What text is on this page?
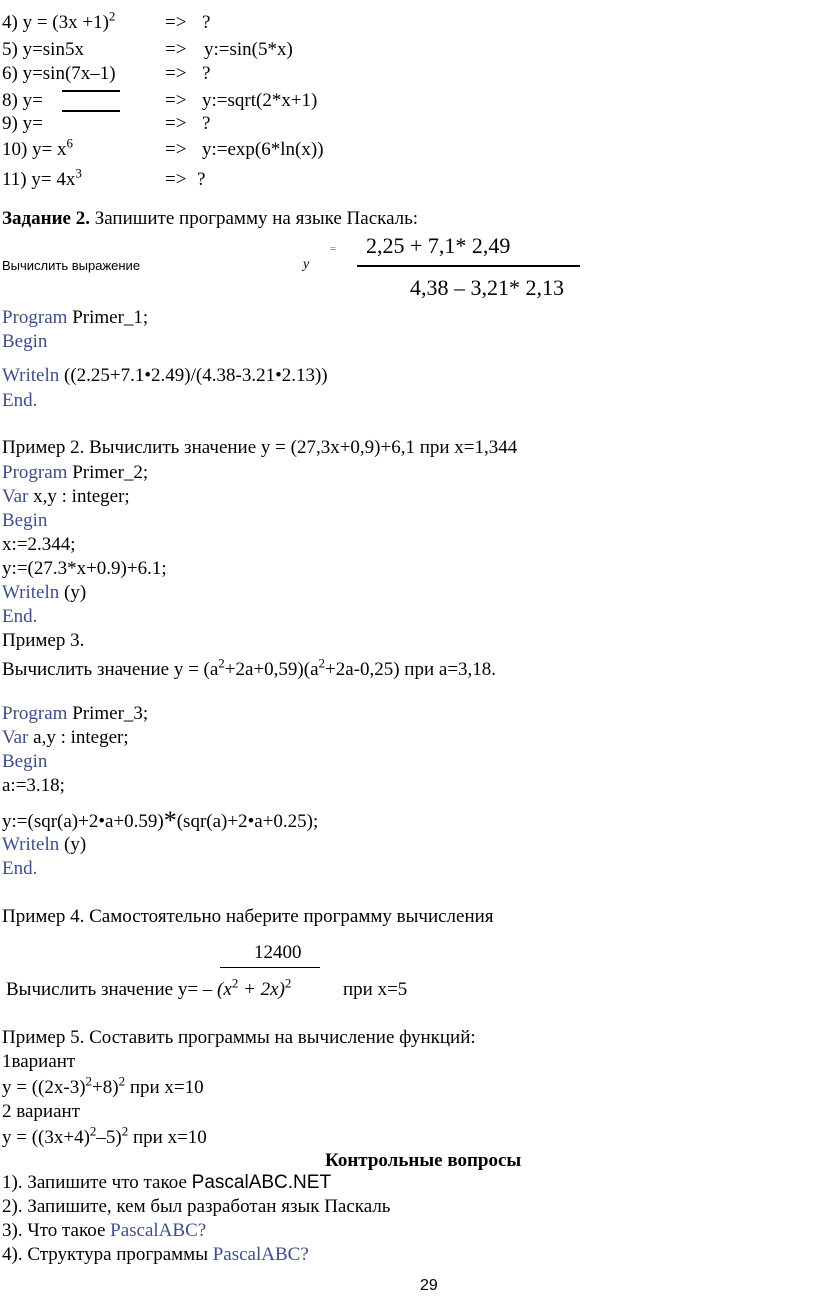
4) $y = (3x +1)^2$	=> ?
5) y=sin5x	=> y:=sin(5*x)
6) y=sin(7x–1)	=> ?
8) y=	=> y:=sqrt(2*x+1)
9) y=	=> ?
10) $y= x^6$	=> y:=exp(6*ln(x))
11) $y= 4x^3$	=> ?
Задание 2. Запишите программу на языке Паскаль:
Вычислить выражение	y
= 2,25 + 7,1* 2,49
4,38 – 3,21* 2,13
Program Primer_1;
Begin
Writeln ((2.25+7.1•2.49)/(4.38-3.21•2.13))
End.
Пример 2. Вычислить значение у = (27,3х+0,9)+6,1 при х=1,344
Program Primer_2;
Var x,y : integer;
Begin
x:=2.344;
y:=(27.3*x+0.9)+6.1;
Writeln (y)
End.
Пример 3.
Вычислить значение $у = (а^2+2а+0,59)(а^2+2а-0,25)$ при а=3,18.
Program Primer_3;
Var a,y : integer;
Begin
a:=3.18;
y:=(sqr(a)+2•a+0.59)*(sqr(a)+2•a+0.25);
Writeln (y)
End.
Пример 4. Самостоятельно наберите программу вычисления
12400
Вычислить значение $у= - (x^2 + 2x)^2$	при х=5
Пример 5. Составить программы на вычисление функций:
1вариант
$у = ((2х-3)^2+8)^2$ при х=10
2 вариант
$у = ((3х+4)^2-5)^2$ при х=10
Контрольные вопросы
1). Запишите что такое PascalABC.NET
2). Запишите, кем был разработан язык Паскаль
3). Что такое PascalABC?
4). Структура программы PascalABC?
29
